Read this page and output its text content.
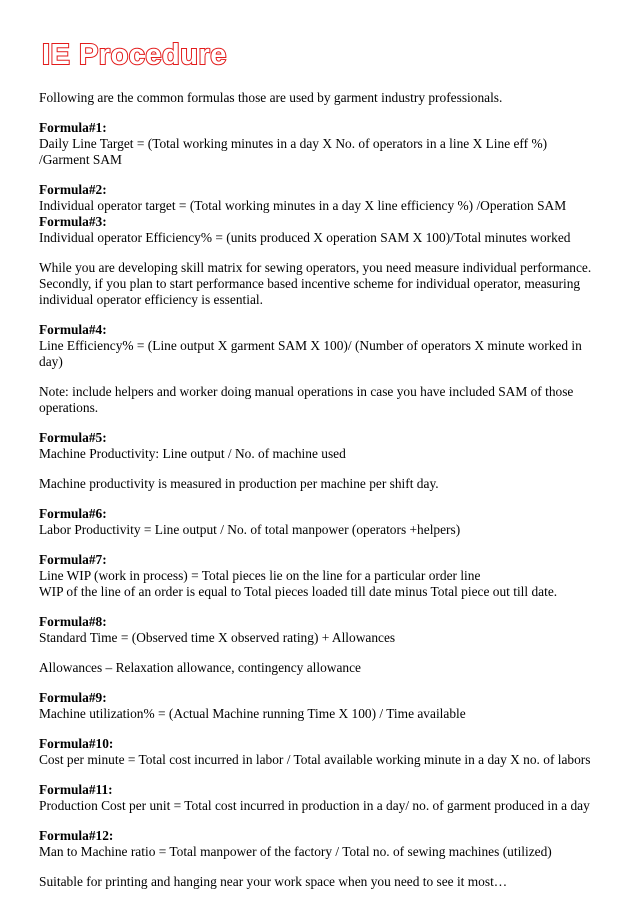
IE Procedure

Following are the common formulas those are used by garment industry professionals.

Formula#1:
Daily Line Target = (Total working minutes in a day X No. of operators in a line X Line eff %) /Garment SAM
Formula#2:
Individual operator target = (Total working minutes in a day X line efficiency %) /Operation SAM
Formula#3:
Individual operator Efficiency% = (units produced X operation SAM X 100)/Total minutes worked
While you are developing skill matrix for sewing operators, you need measure individual performance. Secondly, if you plan to start performance based incentive scheme for individual operator, measuring individual operator efficiency is essential.
Formula#4:
Line Efficiency% = (Line output X garment SAM X 100)/ (Number of operators X minute worked in day)
Note: include helpers and worker doing manual operations in case you have included SAM of those operations.
Formula#5:
Machine Productivity: Line output / No. of machine used
Machine productivity is measured in production per machine per shift day.
Formula#6:
Labor Productivity = Line output / No. of total manpower (operators +helpers)
Formula#7:
Line WIP (work in process) = Total pieces lie on the line for a particular order line
WIP of the line of an order is equal to Total pieces loaded till date minus Total piece out till date.
Formula#8:
Standard Time = (Observed time X observed rating) + Allowances
Allowances – Relaxation allowance, contingency allowance
Formula#9:
Machine utilization% = (Actual Machine running Time X 100) / Time available
Formula#10:
Cost per minute = Total cost incurred in labor / Total available working minute in a day X no. of labors
Formula#11:
Production Cost per unit = Total cost incurred in production in a day/ no. of garment produced in a day
Formula#12:
Man to Machine ratio = Total manpower of the factory / Total no. of sewing machines (utilized)
Suitable for printing and hanging near your work space when you need to see it most…
